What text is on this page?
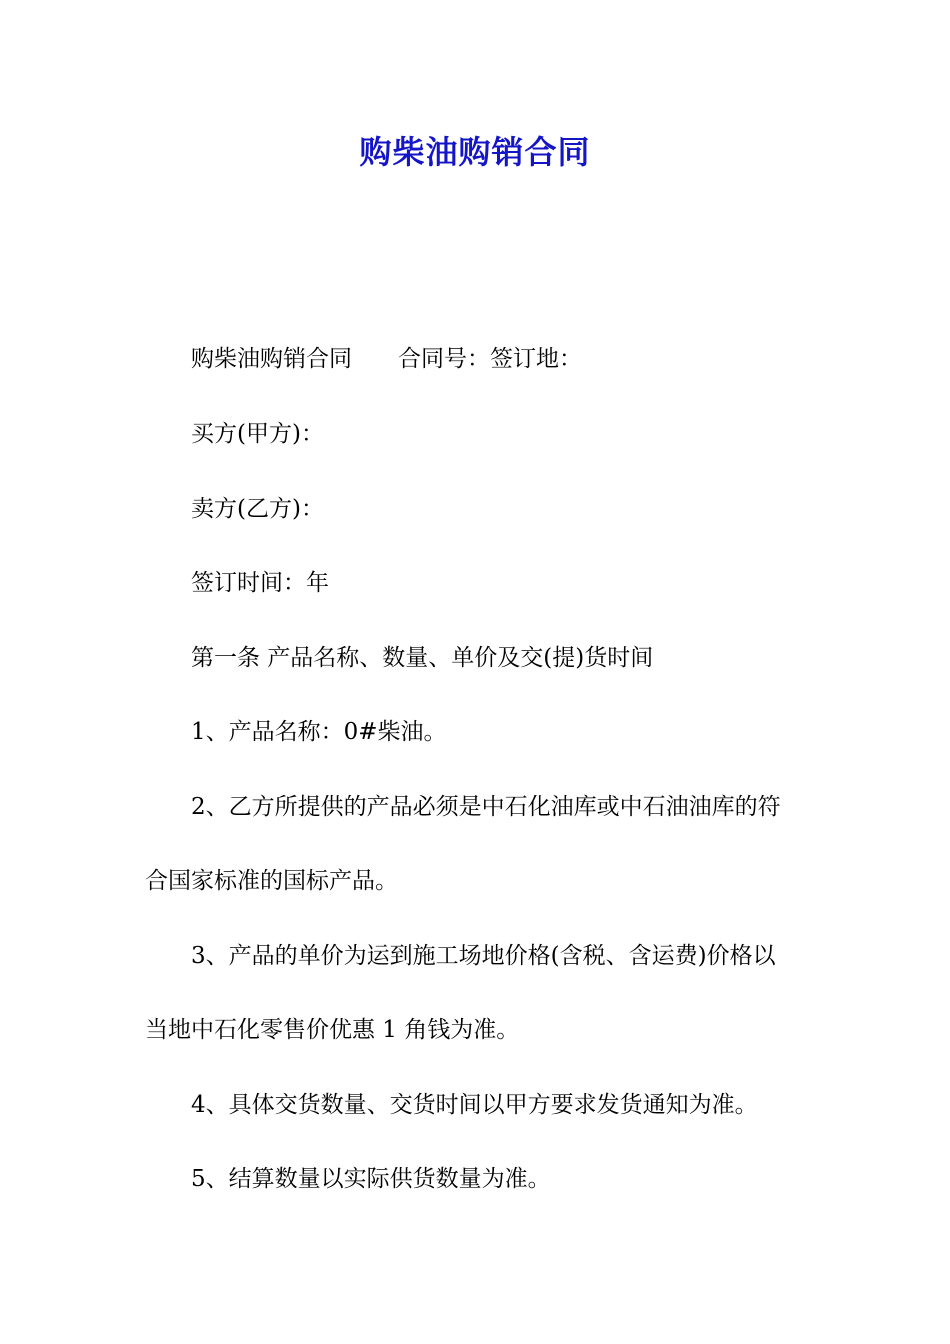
购柴油购销合同
购柴油购销合同 合同号：签订地：
买方(甲方)：
卖方(乙方)：
签订时间：年
第一条 产品名称、数量、单价及交(提)货时间
1、产品名称：0#柴油。
2、乙方所提供的产品必须是中石化油库或中石油油库的符
合国家标准的国标产品。
3、产品的单价为运到施工场地价格(含税、含运费)价格以
当地中石化零售价优惠 1 角钱为准。
4、具体交货数量、交货时间以甲方要求发货通知为准。
5、结算数量以实际供货数量为准。
